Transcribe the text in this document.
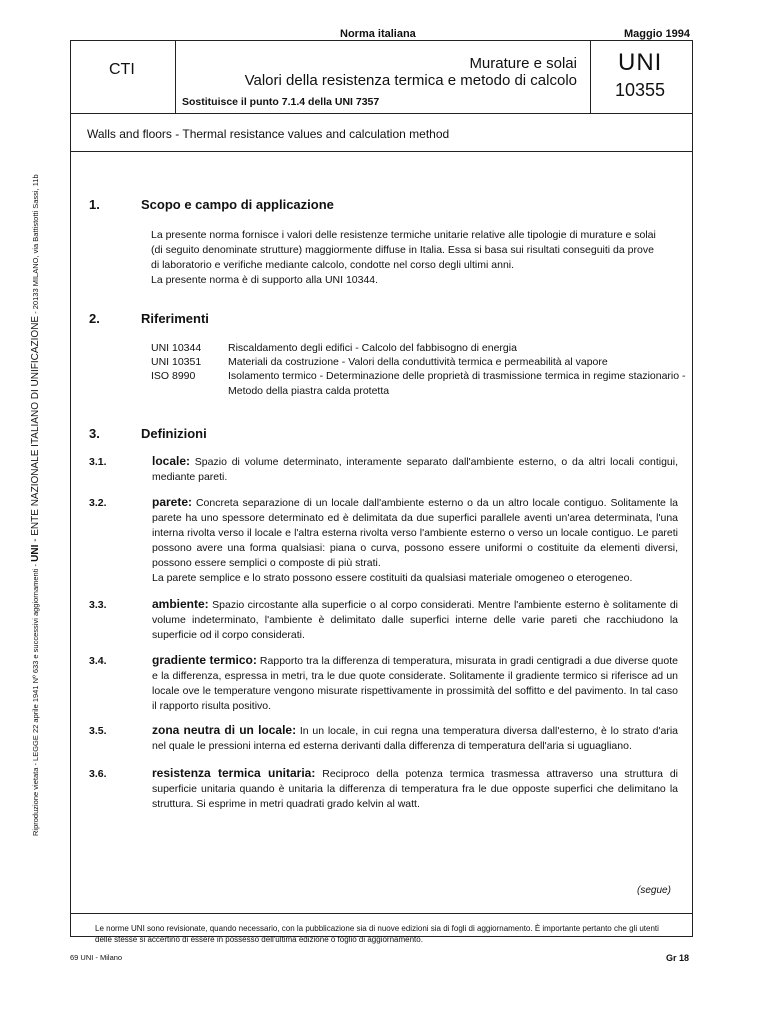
Norma italiana	Maggio 1994
Riproduzione vietata - LEGGE 22 aprile 1941 Nº 633 e successivi aggiornamenti - UNI - ENTE NAZIONALE ITALIANO DI UNIFICAZIONE - 20133 MILANO, via Battistotti Sassi, 11b
CTI	Murature e solai
Valori della resistenza termica e metodo di calcolo
Sostituisce il punto 7.1.4 della UNI 7357
UNI
10355
Walls and floors - Thermal resistance values and calculation method
1.	Scopo e campo di applicazione

La presente norma fornisce i valori delle resistenze termiche unitarie relative alle tipologie di murature e solai

(di seguito denominate strutture) maggiormente diffuse in Italia. Essa si basa sui risultati conseguiti da prove

di laboratorio e verifiche mediante calcolo, condotte nel corso degli ultimi anni.

La presente norma è di supporto alla UNI 10344.

2.	Riferimenti
UNI 10344	Riscaldamento degli edifici - Calcolo del fabbisogno di energia
UNI 10351	Materiali da costruzione - Valori della conduttività termica e permeabilità al vapore
ISO 8990	Isolamento termico - Determinazione delle proprietà di trasmissione termica in regime stazionario - Metodo della piastra calda protetta
3.	Definizioni
3.1.	locale: Spazio di volume determinato, interamente separato dall'ambiente esterno, o da altri locali contigui, mediante pareti.
3.2.	parete: Concreta separazione di un locale dall'ambiente esterno o da un altro locale contiguo. Solitamente la parete ha uno spessore determinato ed è delimitata da due superfici parallele aventi un'area determinata, l'una interna rivolta verso il locale e l'altra esterna rivolta verso l'ambiente esterno o verso un locale contiguo. Le pareti possono avere una forma qualsiasi: piana o curva, possono essere uniformi o costituite da elementi diversi, possono essere semplici o composte di più strati.
La parete semplice e lo strato possono essere costituiti da qualsiasi materiale omogeneo o eterogeneo.
3.3.	ambiente: Spazio circostante alla superficie o al corpo considerati. Mentre l'ambiente esterno è solitamente di volume indeterminato, l'ambiente è delimitato dalle superfici interne delle varie pareti che racchiudono la superficie od il corpo considerati.
3.4.	gradiente termico: Rapporto tra la differenza di temperatura, misurata in gradi centigradi a due diverse quote e la differenza, espressa in metri, tra le due quote considerate. Solitamente il gradiente termico si riferisce ad un locale ove le temperature vengono misurate rispettivamente in prossimità del soffitto e del pavimento. In tal caso il rapporto risulta positivo.
3.5.	zona neutra di un locale: In un locale, in cui regna una temperatura diversa dall'esterno, è lo strato d'aria nel quale le pressioni interna ed esterna derivanti dalla differenza di temperatura dell'aria si uguagliano.
3.6.	resistenza termica unitaria: Reciproco della potenza termica trasmessa attraverso una struttura di superficie unitaria quando è unitaria la differenza di temperatura fra le due opposte superfici che delimitano la struttura. Si esprime in metri quadrati grado kelvin al watt.
(segue)
Le norme UNI sono revisionate, quando necessario, con la pubblicazione sia di nuove edizioni sia di fogli di aggiornamento. È importante pertanto che gli utenti delle stesse si accertino di essere in possesso dell'ultima edizione o foglio di aggiornamento.
69 UNI - Milano	Gr 18
